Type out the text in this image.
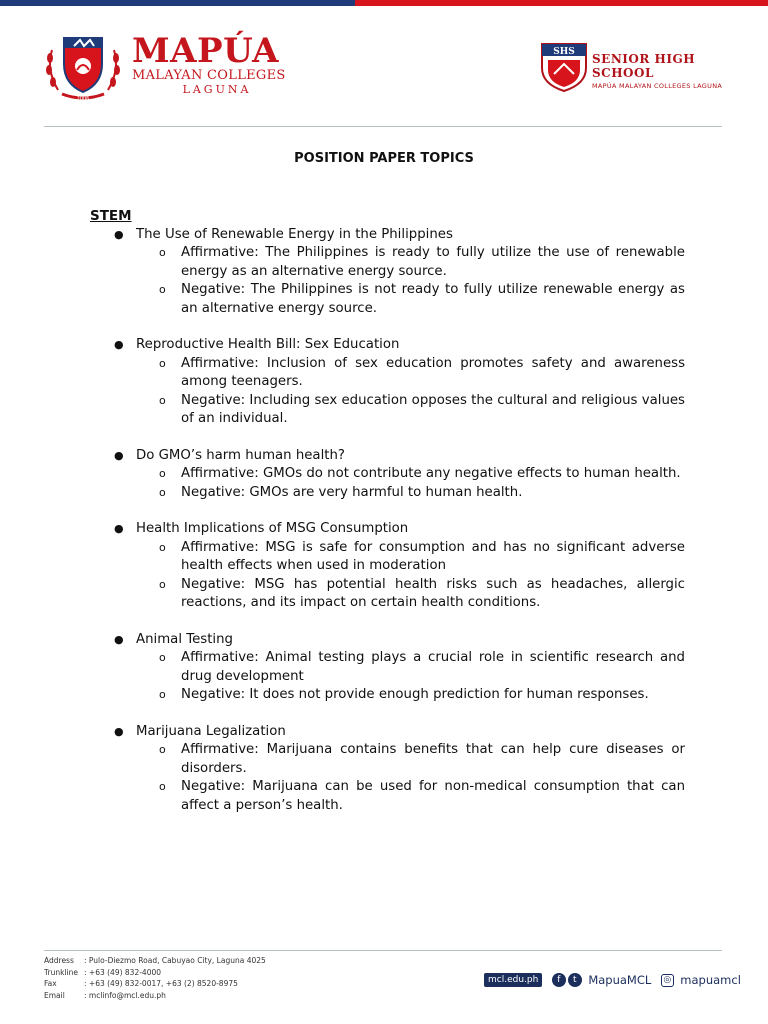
2006
MAPÚA
MALAYAN COLLEGES
LAGUNA
SHS SENIOR HIGH SCHOOL
MAPÚA MALAYAN COLLEGES LAGUNA
POSITION PAPER TOPICS
STEM
● The Use of Renewable Energy in the Philippines
o Affirmative: The Philippines is ready to fully utilize the use of renewable energy as an alternative energy source.
o Negative: The Philippines is not ready to fully utilize renewable energy as an alternative energy source.
● Reproductive Health Bill: Sex Education
o Affirmative: Inclusion of sex education promotes safety and awareness among teenagers.
o Negative: Including sex education opposes the cultural and religious values of an individual.
● Do GMO’s harm human health?
o Affirmative: GMOs do not contribute any negative effects to human health.
o Negative: GMOs are very harmful to human health.
● Health Implications of MSG Consumption
o Affirmative: MSG is safe for consumption and has no significant adverse health effects when used in moderation
o Negative: MSG has potential health risks such as headaches, allergic reactions, and its impact on certain health conditions.
● Animal Testing
o Affirmative: Animal testing plays a crucial role in scientific research and drug development
o Negative: It does not provide enough prediction for human responses.
● Marijuana Legalization
o Affirmative: Marijuana contains benefits that can help cure diseases or disorders.
o Negative: Marijuana can be used for non-medical consumption that can affect a person’s health.
Address : Pulo-Diezmo Road, Cabuyao City, Laguna 4025
Trunkline : +63 (49) 832-4000
Fax	: +63 (49) 832-0017, +63 (2) 8520-8975
Email	: mclinfo@mcl.edu.ph
mcl.edu.ph f t MapuaMCL ◎ mapuamcl
